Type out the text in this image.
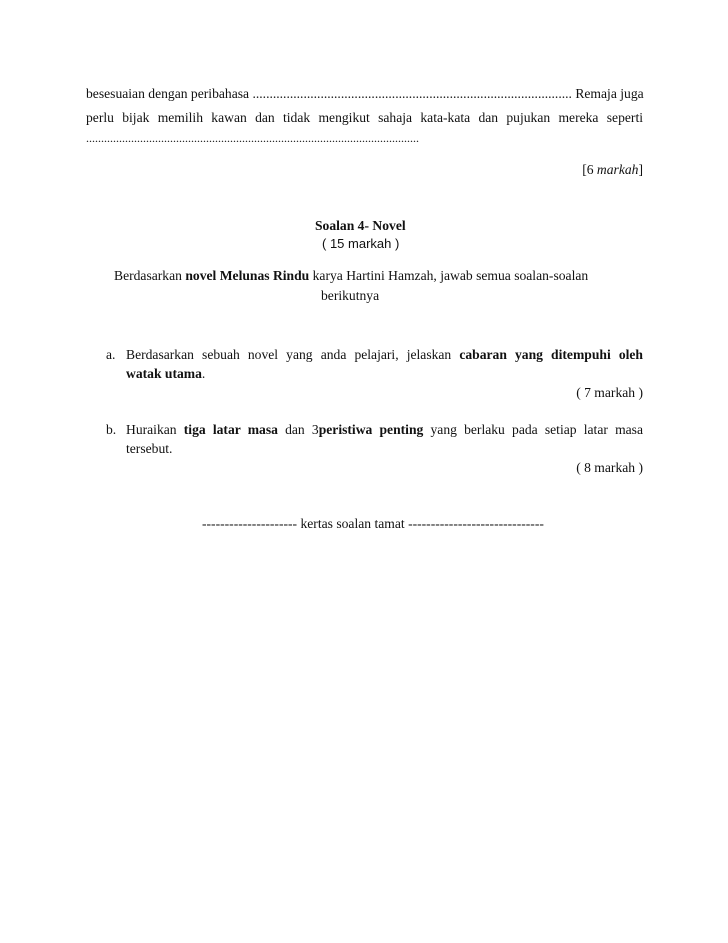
besesuaian dengan peribahasa .............................................................................................. Remaja juga
perlu bijak memilih kawan dan tidak mengikut sahaja kata-kata dan pujukan mereka seperti
...............................................................................................................
[6 markah]
Soalan 4- Novel
( 15 markah )
Berdasarkan novel Melunas Rindu karya Hartini Hamzah, jawab semua soalan-soalan
berikutnya
a. Berdasarkan sebuah novel yang anda pelajari, jelaskan cabaran yang ditempuhi oleh
watak utama.
( 7 markah )
b. Huraikan tiga latar masa dan 3peristiwa penting yang berlaku pada setiap latar masa
tersebut.
( 8 markah )
--------------------- kertas soalan tamat ------------------------------
